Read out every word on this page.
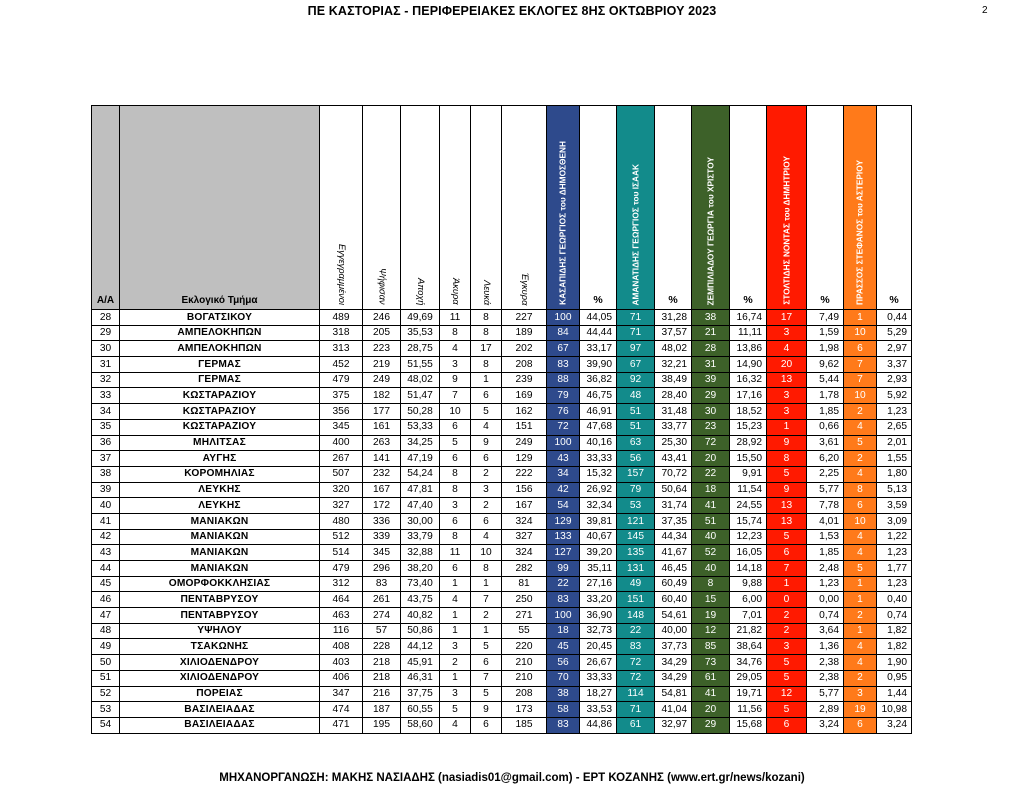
ΠΕ ΚΑΣΤΟΡΙΑΣ - ΠΕΡΙΦΕΡΕΙΑΚΕΣ ΕΚΛΟΓΕΣ 8ΗΣ ΟΚΤΩΒΡΙΟΥ 2023	2
Α/Α	Εκλογικό Τμήμα	Εγγεγραμμένοι	Ψήφισαν	Αποχή	Άκυρα	Λευκά	Έγκυρα	ΚΑΣΑΠΙΔΗΣ ΓΕΩΡΓΙΟΣ του ΔΗΜΟΣΘΕΝΗ	%	ΑΜΑΝΑΤΙΔΗΣ ΓΕΩΡΓΙΟΣ του ΙΣΑΑΚ	%	ΖΕΜΠΙΛΙΑΔΟΥ ΓΕΩΡΓΙΑ του ΧΡΙΣΤΟΥ	%	ΣΤΟΛΤΙΔΗΣ ΝΟΝΤΑΣ του ΔΗΜΗΤΡΙΟΥ	%	ΠΡΑΣΣΟΣ ΣΤΕΦΑΝΟΣ του ΑΣΤΕΡΙΟΥ	%

28	ΒΟΓΑΤΣΙΚΟΥ	489	246	49,69	11	8	227	100	44,05	71	31,28	38	16,74	17	7,49	1	0,44
29	ΑΜΠΕΛΟΚΗΠΩΝ	318	205	35,53	8	8	189	84	44,44	71	37,57	21	11,11	3	1,59	10	5,29
30	ΑΜΠΕΛΟΚΗΠΩΝ	313	223	28,75	4	17	202	67	33,17	97	48,02	28	13,86	4	1,98	6	2,97
31	ΓΕΡΜΑΣ	452	219	51,55	3	8	208	83	39,90	67	32,21	31	14,90	20	9,62	7	3,37
32	ΓΕΡΜΑΣ	479	249	48,02	9	1	239	88	36,82	92	38,49	39	16,32	13	5,44	7	2,93
33	ΚΩΣΤΑΡΑΖΙΟΥ	375	182	51,47	7	6	169	79	46,75	48	28,40	29	17,16	3	1,78	10	5,92
34	ΚΩΣΤΑΡΑΖΙΟΥ	356	177	50,28	10	5	162	76	46,91	51	31,48	30	18,52	3	1,85	2	1,23
35	ΚΩΣΤΑΡΑΖΙΟΥ	345	161	53,33	6	4	151	72	47,68	51	33,77	23	15,23	1	0,66	4	2,65
36	ΜΗΛΙΤΣΑΣ	400	263	34,25	5	9	249	100	40,16	63	25,30	72	28,92	9	3,61	5	2,01
37	ΑΥΓΗΣ	267	141	47,19	6	6	129	43	33,33	56	43,41	20	15,50	8	6,20	2	1,55
38	ΚΟΡΟΜΗΛΙΑΣ	507	232	54,24	8	2	222	34	15,32	157	70,72	22	9,91	5	2,25	4	1,80
39	ΛΕΥΚΗΣ	320	167	47,81	8	3	156	42	26,92	79	50,64	18	11,54	9	5,77	8	5,13
40	ΛΕΥΚΗΣ	327	172	47,40	3	2	167	54	32,34	53	31,74	41	24,55	13	7,78	6	3,59
41	ΜΑΝΙΑΚΩΝ	480	336	30,00	6	6	324	129	39,81	121	37,35	51	15,74	13	4,01	10	3,09
42	ΜΑΝΙΑΚΩΝ	512	339	33,79	8	4	327	133	40,67	145	44,34	40	12,23	5	1,53	4	1,22
43	ΜΑΝΙΑΚΩΝ	514	345	32,88	11	10	324	127	39,20	135	41,67	52	16,05	6	1,85	4	1,23
44	ΜΑΝΙΑΚΩΝ	479	296	38,20	6	8	282	99	35,11	131	46,45	40	14,18	7	2,48	5	1,77
45	ΟΜΟΡΦΟΚΚΛΗΣΙΑΣ	312	83	73,40	1	1	81	22	27,16	49	60,49	8	9,88	1	1,23	1	1,23
46	ΠΕΝΤΑΒΡΥΣΟΥ	464	261	43,75	4	7	250	83	33,20	151	60,40	15	6,00	0	0,00	1	0,40
47	ΠΕΝΤΑΒΡΥΣΟΥ	463	274	40,82	1	2	271	100	36,90	148	54,61	19	7,01	2	0,74	2	0,74
48	ΥΨΗΛΟΥ	116	57	50,86	1	1	55	18	32,73	22	40,00	12	21,82	2	3,64	1	1,82
49	ΤΣΑΚΩΝΗΣ	408	228	44,12	3	5	220	45	20,45	83	37,73	85	38,64	3	1,36	4	1,82
50	ΧΙΛΙΟΔΕΝΔΡΟΥ	403	218	45,91	2	6	210	56	26,67	72	34,29	73	34,76	5	2,38	4	1,90
51	ΧΙΛΙΟΔΕΝΔΡΟΥ	406	218	46,31	1	7	210	70	33,33	72	34,29	61	29,05	5	2,38	2	0,95
52	ΠΟΡΕΙΑΣ	347	216	37,75	3	5	208	38	18,27	114	54,81	41	19,71	12	5,77	3	1,44
53	ΒΑΣΙΛΕΙΑΔΑΣ	474	187	60,55	5	9	173	58	33,53	71	41,04	20	11,56	5	2,89	19	10,98
54	ΒΑΣΙΛΕΙΑΔΑΣ	471	195	58,60	4	6	185	83	44,86	61	32,97	29	15,68	6	3,24	6	3,24
ΜΗΧΑΝΟΡΓΑΝΩΣΗ: ΜΑΚΗΣ ΝΑΣΙΑΔΗΣ (nasiadis01@gmail.com) - ΕΡΤ ΚΟΖΑΝΗΣ (www.ert.gr/news/kozani)
